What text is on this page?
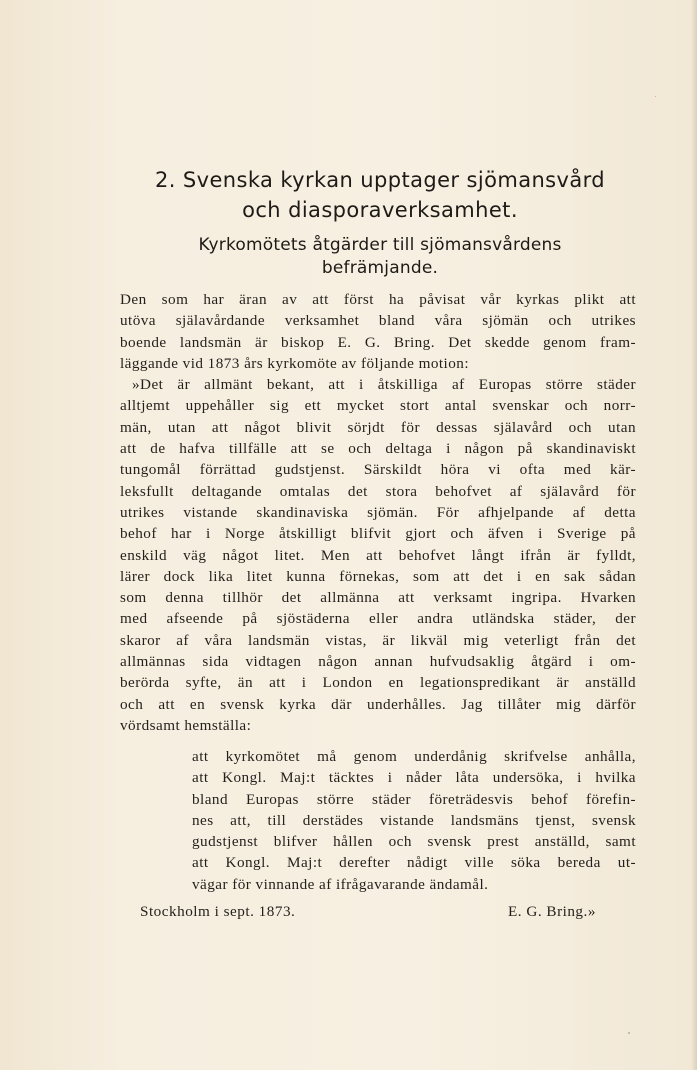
2. Svenska kyrkan upptager sjömansvård
och diasporaverksamhet.
Kyrkomötets åtgärder till sjömansvårdens
befrämjande.
Den som har äran av att först ha påvisat vår kyrkas plikt att
utöva själavårdande verksamhet bland våra sjömän och utrikes
boende landsmän är biskop E. G. Bring. Det skedde genom fram-
läggande vid 1873 års kyrkomöte av följande motion:
»Det är allmänt bekant, att i åtskilliga af Europas större städer
alltjemt uppehåller sig ett mycket stort antal svenskar och norr-
män, utan att något blivit sörjdt för dessas själavård och utan
att de hafva tillfälle att se och deltaga i någon på skandinaviskt
tungomål förrättad gudstjenst. Särskildt höra vi ofta med kär-
leksfullt deltagande omtalas det stora behofvet af själavård för
utrikes vistande skandinaviska sjömän. För afhjelpande af detta
behof har i Norge åtskilligt blifvit gjort och äfven i Sverige på
enskild väg något litet. Men att behofvet långt ifrån är fylldt,
lärer dock lika litet kunna förnekas, som att det i en sak sådan
som denna tillhör det allmänna att verksamt ingripa. Hvarken
med afseende på sjöstäderna eller andra utländska städer, der
skaror af våra landsmän vistas, är likväl mig veterligt från det
allmännas sida vidtagen någon annan hufvudsaklig åtgärd i om-
berörda syfte, än att i London en legationspredikant är anställd
och att en svensk kyrka där underhålles. Jag tillåter mig därför
vördsamt hemställa:
att kyrkomötet må genom underdånig skrifvelse anhålla,
att Kongl. Maj:t täcktes i nåder låta undersöka, i hvilka
bland Europas större städer företrädesvis behof förefin-
nes att, till derstädes vistande landsmäns tjenst, svensk
gudstjenst blifver hållen och svensk prest anställd, samt
att Kongl. Maj:t derefter nådigt ville söka bereda ut-
vägar för vinnande af ifrågavarande ändamål.
Stockholm i sept. 1873.	E. G. Bring.»
